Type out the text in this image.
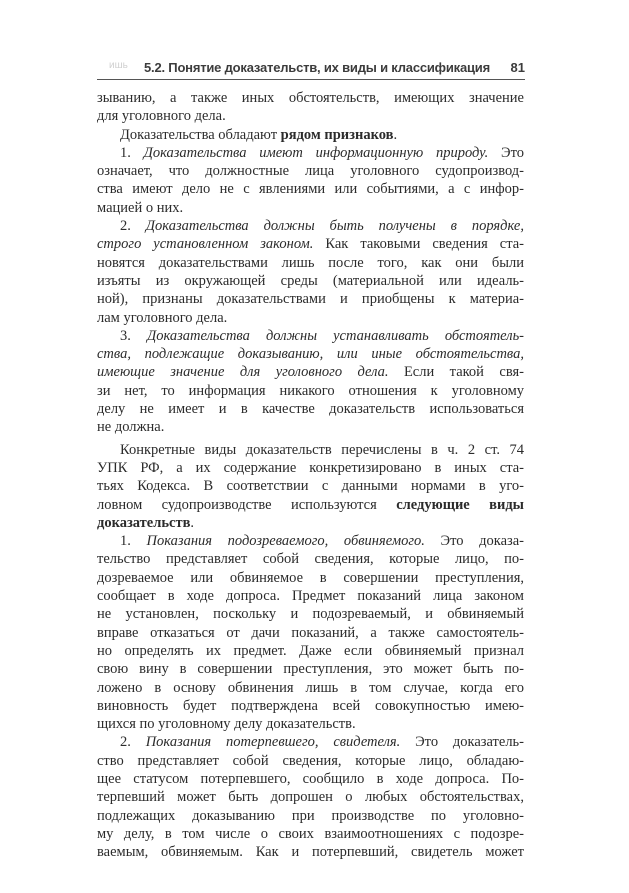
ишь 5.2. Понятие доказательств, их виды и классификация 81
зыванию, а также иных обстоятельств, имеющих значение
для уголовного дела.
Доказательства обладают рядом признаков.
1. Доказательства имеют информационную природу. Это
означает, что должностные лица уголовного судопроизвод-
ства имеют дело не с явлениями или событиями, а с инфор-
мацией о них.
2. Доказательства должны быть получены в порядке,
строго установленном законом. Как таковыми сведения ста-
новятся доказательствами лишь после того, как они были
изъяты из окружающей среды (материальной или идеаль-
ной), признаны доказательствами и приобщены к материа-
лам уголовного дела.
3. Доказательства должны устанавливать обстоятель-
ства, подлежащие доказыванию, или иные обстоятельства,
имеющие значение для уголовного дела. Если такой свя-
зи нет, то информация никакого отношения к уголовному
делу не имеет и в качестве доказательств использоваться
не должна.
Конкретные виды доказательств перечислены в ч. 2 ст. 74
УПК РФ, а их содержание конкретизировано в иных ста-
тьях Кодекса. В соответствии с данными нормами в уго-
ловном судопроизводстве используются следующие виды
доказательств.
1. Показания подозреваемого, обвиняемого. Это доказа-
тельство представляет собой сведения, которые лицо, по-
дозреваемое или обвиняемое в совершении преступления,
сообщает в ходе допроса. Предмет показаний лица законом
не установлен, поскольку и подозреваемый, и обвиняемый
вправе отказаться от дачи показаний, а также самостоятель-
но определять их предмет. Даже если обвиняемый признал
свою вину в совершении преступления, это может быть по-
ложено в основу обвинения лишь в том случае, когда его
виновность будет подтверждена всей совокупностью имею-
щихся по уголовному делу доказательств.
2. Показания потерпевшего, свидетеля. Это доказатель-
ство представляет собой сведения, которые лицо, обладаю-
щее статусом потерпевшего, сообщило в ходе допроса. По-
терпевший может быть допрошен о любых обстоятельствах,
подлежащих доказыванию при производстве по уголовно-
му делу, в том числе о своих взаимоотношениях с подозре-
ваемым, обвиняемым. Как и потерпевший, свидетель может
